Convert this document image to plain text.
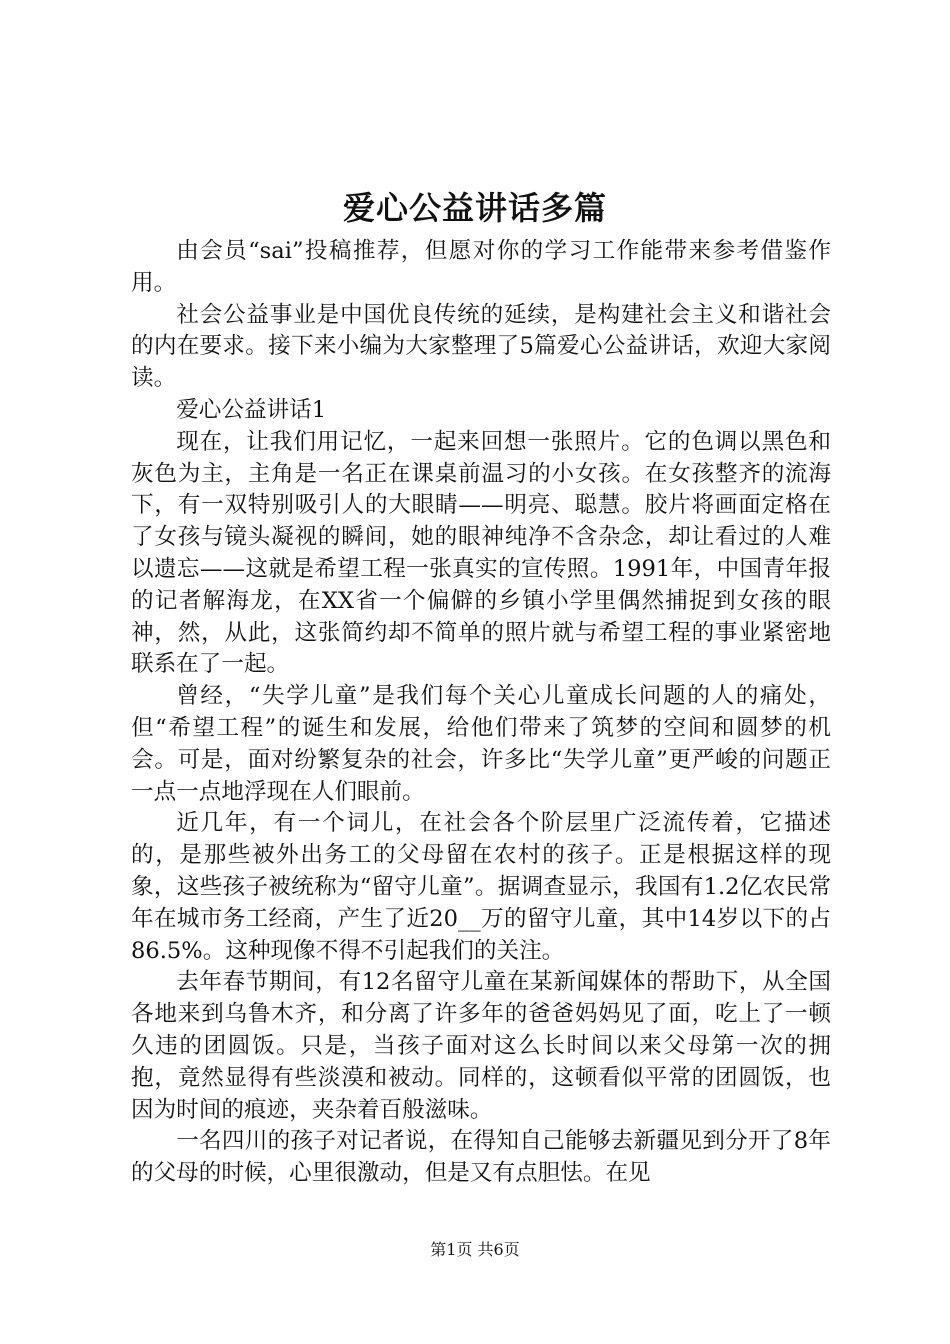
爱心公益讲话多篇

由会员“sai”投稿推荐，但愿对你的学习工作能带来参考借鉴作用。

社会公益事业是中国优良传统的延续，是构建社会主义和谐社会的内在要求。接下来小编为大家整理了5篇爱心公益讲话，欢迎大家阅读。

爱心公益讲话1

现在，让我们用记忆，一起来回想一张照片。它的色调以黑色和灰色为主，主角是一名正在课桌前温习的小女孩。在女孩整齐的流海下，有一双特别吸引人的大眼睛——明亮、聪慧。胶片将画面定格在了女孩与镜头凝视的瞬间，她的眼神纯净不含杂念，却让看过的人难以遗忘——这就是希望工程一张真实的宣传照。1991年，中国青年报的记者解海龙，在XX省一个偏僻的乡镇小学里偶然捕捉到女孩的眼神，然，从此，这张简约却不简单的照片就与希望工程的事业紧密地联系在了一起。

曾经，“失学儿童”是我们每个关心儿童成长问题的人的痛处，但“希望工程”的诞生和发展，给他们带来了筑梦的空间和圆梦的机会。可是，面对纷繁复杂的社会，许多比“失学儿童”更严峻的问题正一点一点地浮现在人们眼前。

近几年，有一个词儿，在社会各个阶层里广泛流传着，它描述的，是那些被外出务工的父母留在农村的孩子。正是根据这样的现象，这些孩子被统称为“留守儿童”。据调查显示，我国有1.2亿农民常年在城市务工经商，产生了近20__万的留守儿童，其中14岁以下的占86.5%。这种现像不得不引起我们的关注。

去年春节期间，有12名留守儿童在某新闻媒体的帮助下，从全国各地来到乌鲁木齐，和分离了许多年的爸爸妈妈见了面，吃上了一顿久违的团圆饭。只是，当孩子面对这么长时间以来父母第一次的拥抱，竟然显得有些淡漠和被动。同样的，这顿看似平常的团圆饭，也因为时间的痕迹，夹杂着百般滋味。

一名四川的孩子对记者说，在得知自己能够去新疆见到分开了8年的父母的时候，心里很激动，但是又有点胆怯。在见

第1页 共6页
